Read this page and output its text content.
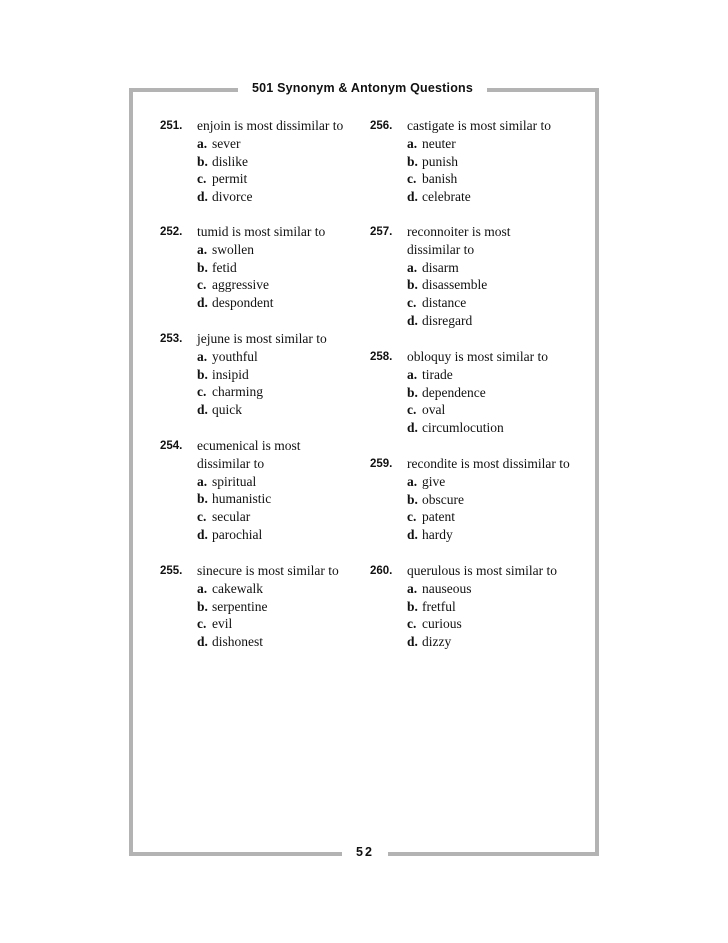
501 Synonym & Antonym Questions
251. enjoin is most dissimilar to
a. sever
b. dislike
c. permit
d. divorce
252. tumid is most similar to
a. swollen
b. fetid
c. aggressive
d. despondent
253. jejune is most similar to
a. youthful
b. insipid
c. charming
d. quick
254. ecumenical is most
dissimilar to
a. spiritual
b. humanistic
c. secular
d. parochial
255. sinecure is most similar to
a. cakewalk
b. serpentine
c. evil
d. dishonest
256. castigate is most similar to
a. neuter
b. punish
c. banish
d. celebrate
257. reconnoiter is most
dissimilar to
a. disarm
b. disassemble
c. distance
d. disregard
258. obloquy is most similar to
a. tirade
b. dependence
c. oval
d. circumlocution
259. recondite is most dissimilar to
a. give
b. obscure
c. patent
d. hardy
260. querulous is most similar to
a. nauseous
b. fretful
c. curious
d. dizzy
52
